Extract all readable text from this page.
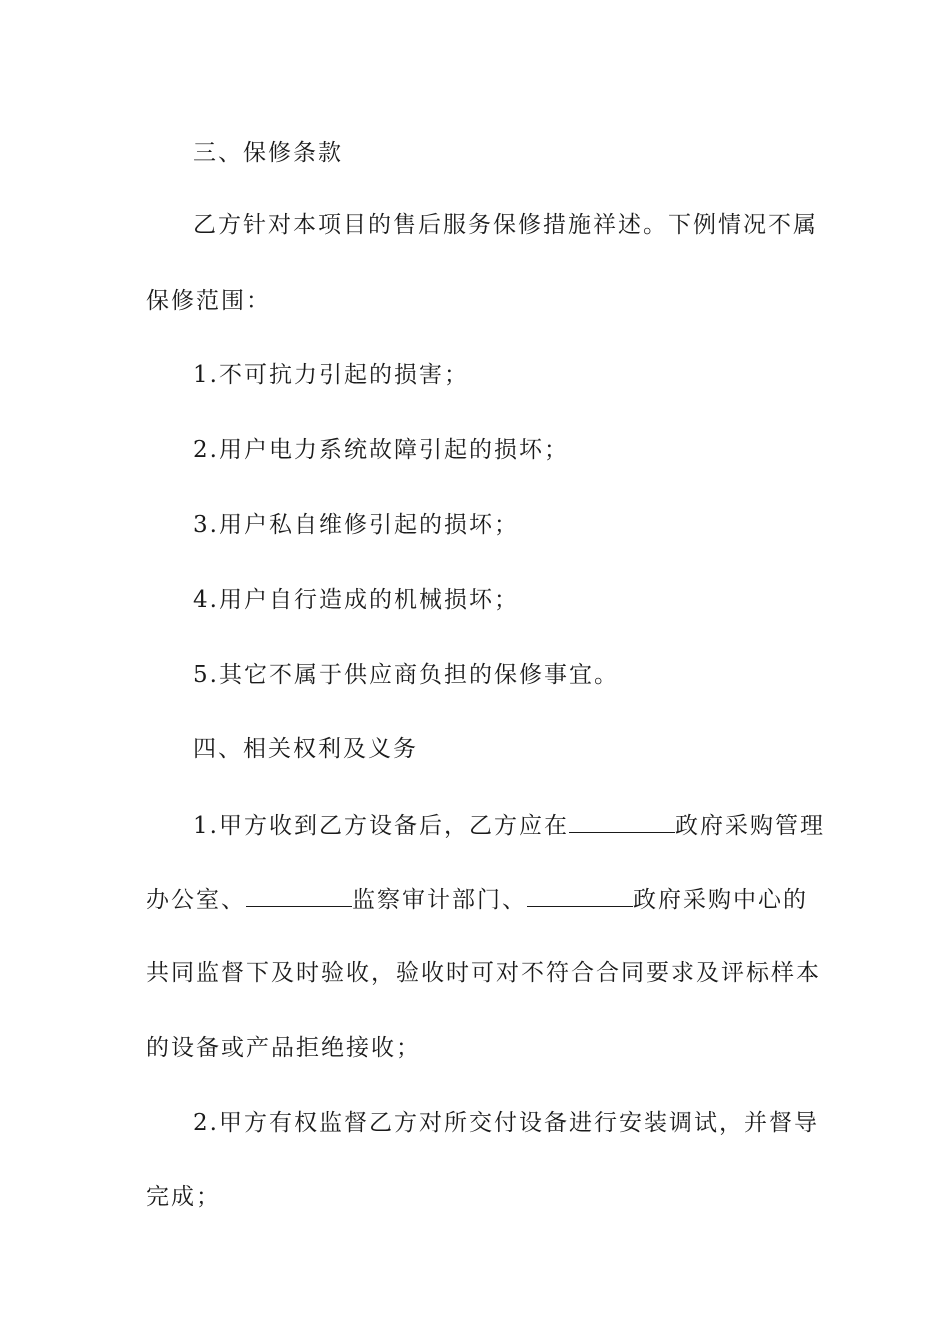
三、保修条款
乙方针对本项目的售后服务保修措施祥述。下例情况不属
保修范围：
1.不可抗力引起的损害；
2.用户电力系统故障引起的损坏；
3.用户私自维修引起的损坏；
4.用户自行造成的机械损坏；
5.其它不属于供应商负担的保修事宜。
四、相关权利及义务
1.甲方收到乙方设备后，乙方应在	政府采购管理
办公室、	监察审计部门、	政府采购中心的
共同监督下及时验收，验收时可对不符合合同要求及评标样本
的设备或产品拒绝接收；
2.甲方有权监督乙方对所交付设备进行安装调试，并督导
完成；
